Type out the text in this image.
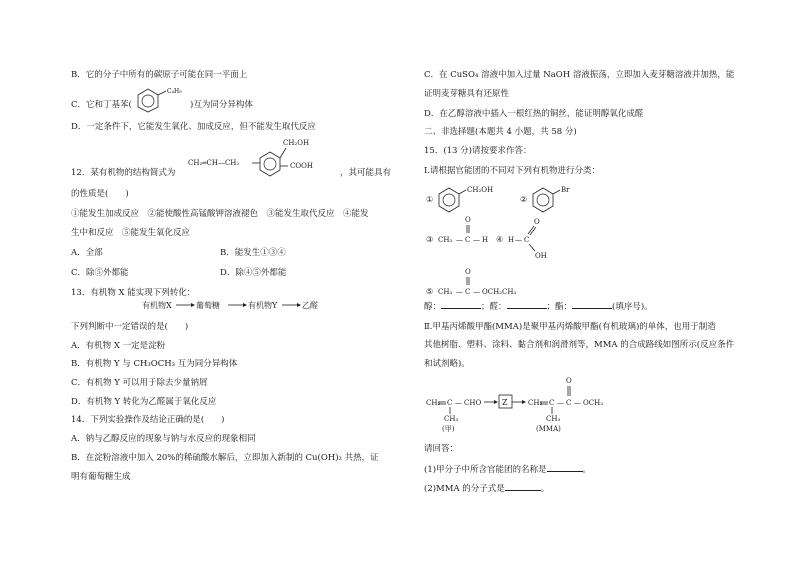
B．它的分子中所有的碳原子可能在同一平面上
C．它和丁基苯(
C₄H₉
)互为同分异构体
D．一定条件下，它能发生氧化、加成反应，但不能发生取代反应
12．某有机物的结构简式为
CH₂═CH—CH₂
CH₂OH
COOH
，其可能具有
的性质是(　　)
①能发生加成反应　②能使酸性高锰酸钾溶液褪色　③能发生取代反应　④能发
生中和反应　⑤能发生氧化反应
A．全部	B．能发生①③④
C．除⑤外都能	D．除④⑤外都能
13．有机物 X 能实现下列转化：
有机物X	葡萄糖	有机物Y	乙醛
下列判断中一定错误的是(　　)
A．有机物 X 一定是淀粉
B．有机物 Y 与 CH₃OCH₃ 互为同分异构体
C．有机物 Y 可以用于除去少量钠屑
D．有机物 Y 转化为乙醛属于氧化反应
14．下列实验操作及结论正确的是(　　)
A．钠与乙醇反应的现象与钠与水反应的现象相同
B．在淀粉溶液中加入 20%的稀硫酸水解后，立即加入新制的 Cu(OH)₂ 共热，证
明有葡萄糖生成
C．在 CuSO₄ 溶液中加入过量 NaOH 溶液振荡，立即加入麦芽糖溶液并加热，能
证明麦芽糖具有还原性
D．在乙醇溶液中插入一根红热的铜丝，能证明醇氧化成醛
二、非选择题(本题共 4 小题，共 58 分)
15．(13 分)请按要求作答：
Ⅰ.请根据官能团的不同对下列有机物进行分类：
①
CH₂OH
②
Br
③ CH₃ — C — H
O
④ H — C
O
OH
⑤ CH₃ — C — OCH₂CH₃
O
醇：	；醛：	；酯：	(填序号)。
Ⅱ.甲基丙烯酸甲酯(MMA)是聚甲基丙烯酸甲酯(有机玻璃)的单体，也用于制造
其他树脂、塑料、涂料、黏合剂和润滑剂等，MMA 的合成路线如图所示(反应条件
和试剂略)。
CH₂ C — CHO
CH₃
(甲)
Z	CH₂ C — C — OCH₃
O
CH₃
(MMA)
请回答：
(1)甲分子中所含官能团的名称是	。
(2)MMA 的分子式是	。
